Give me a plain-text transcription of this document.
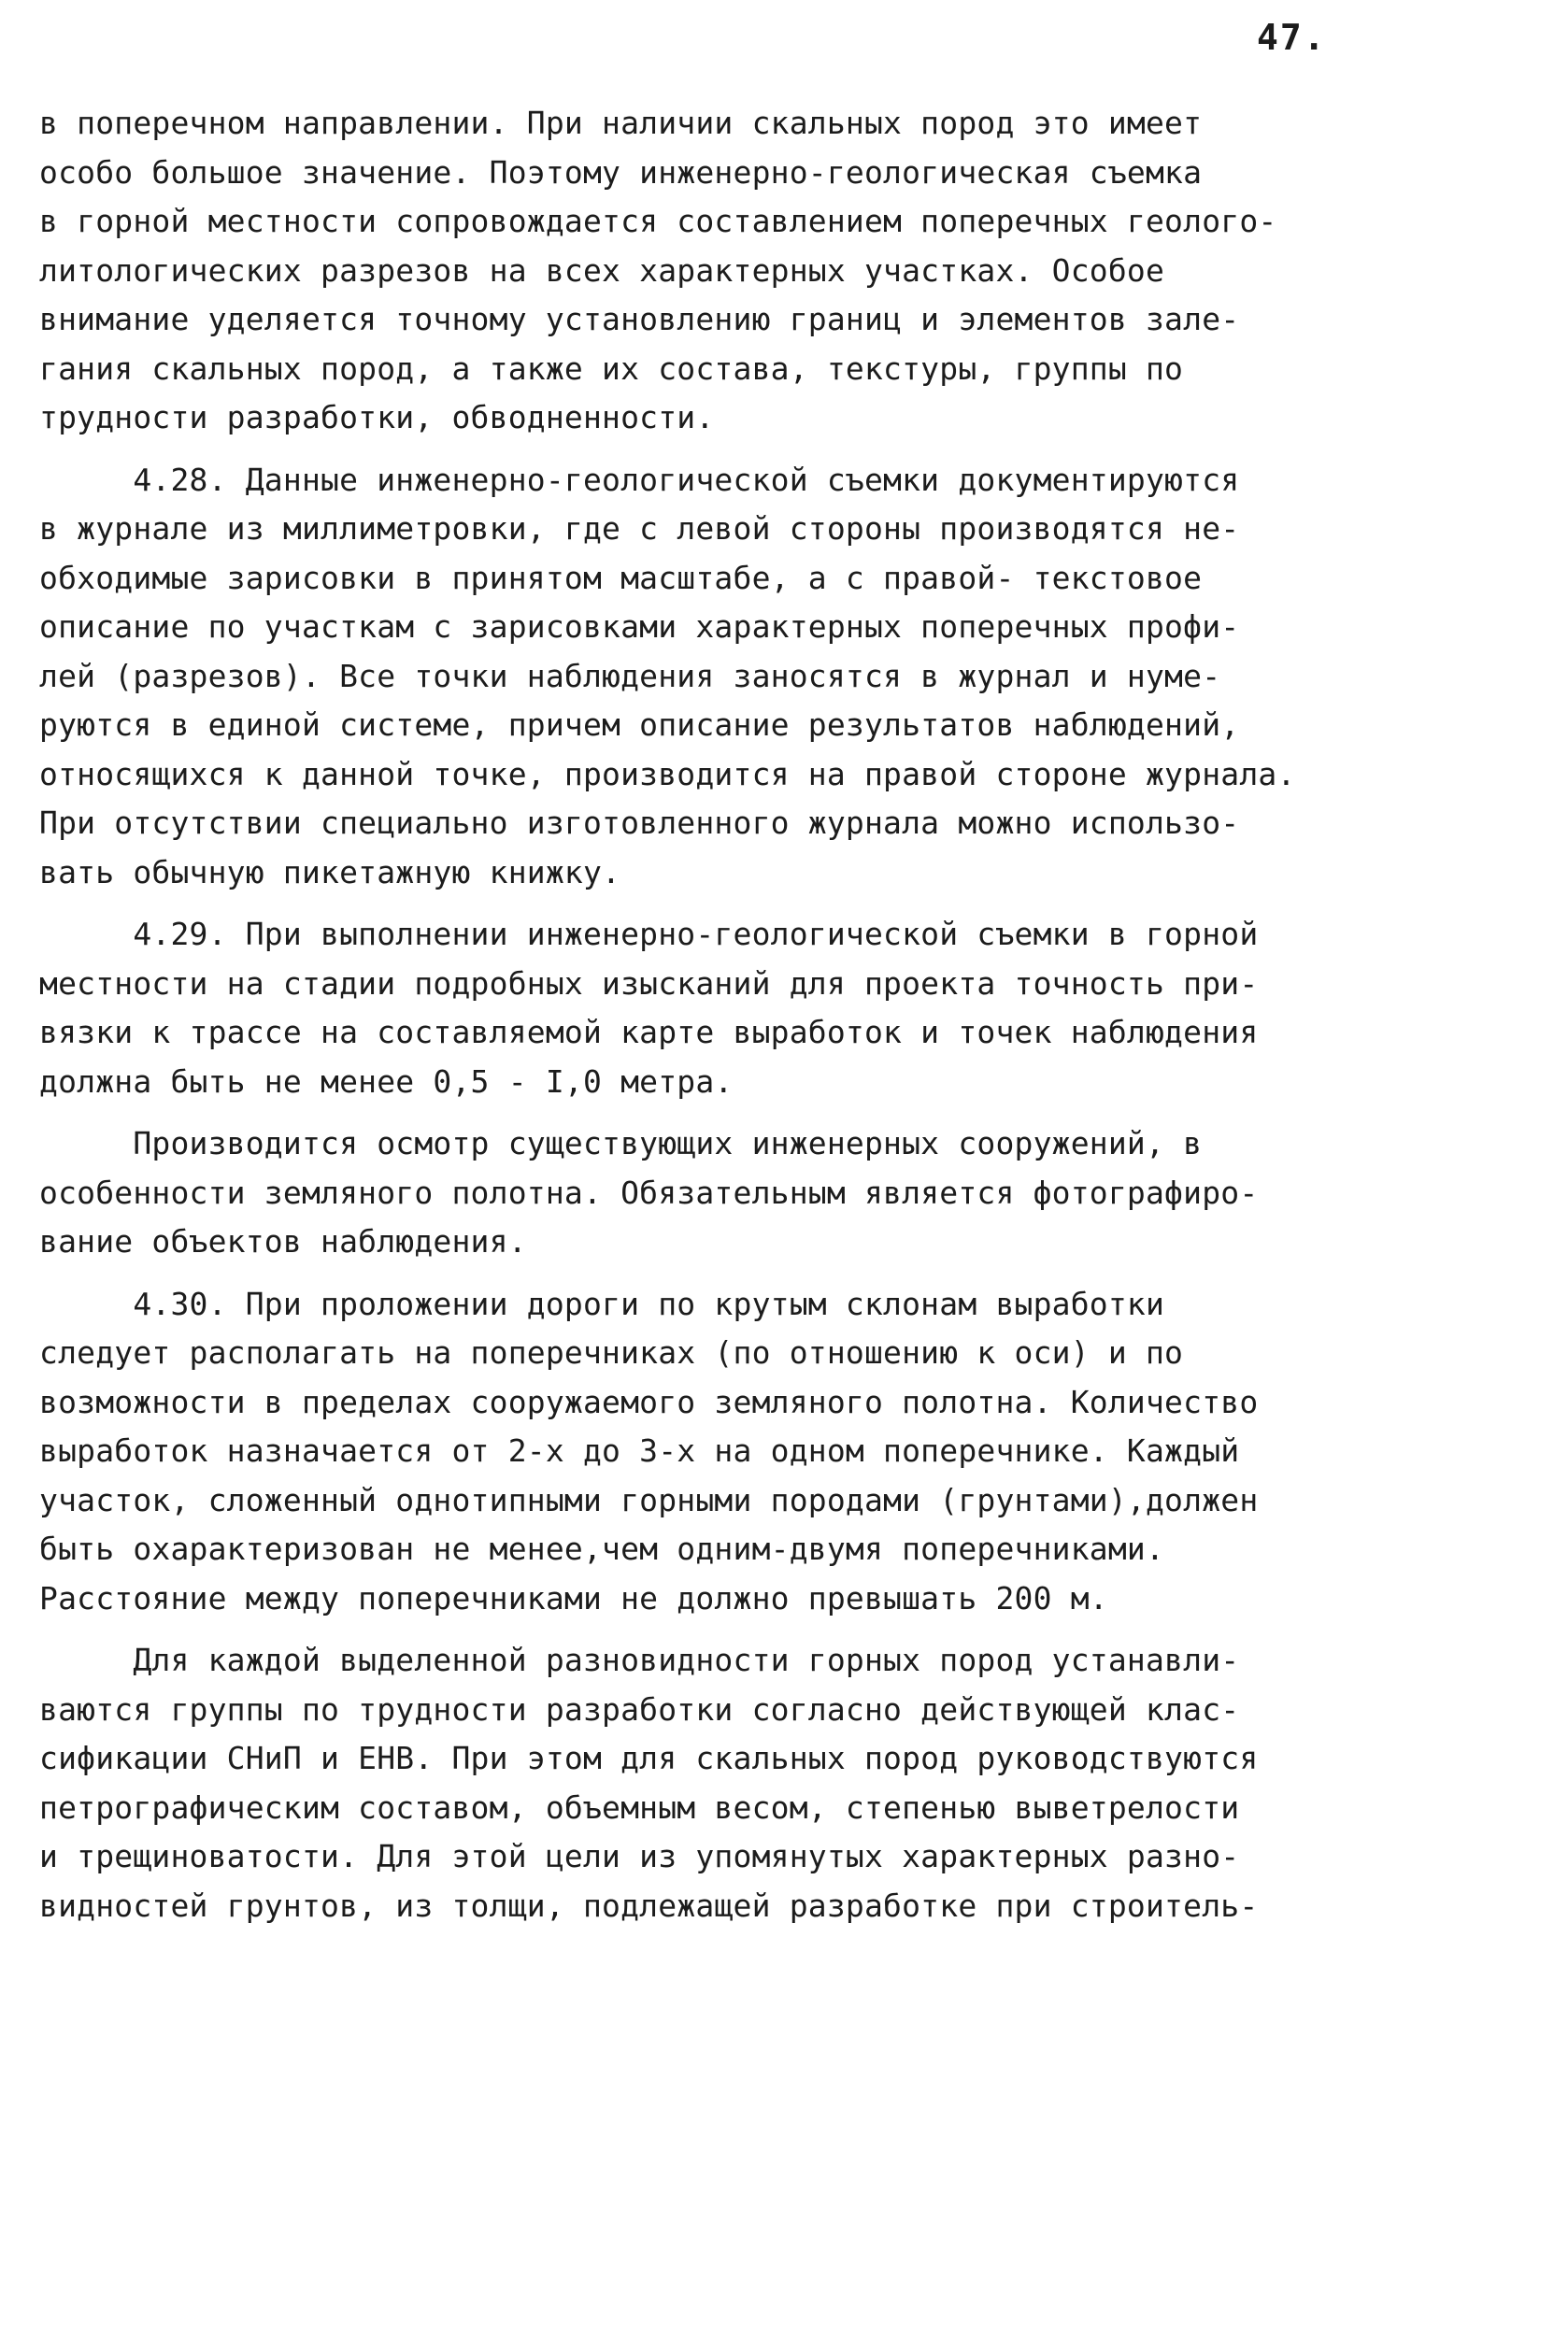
47.
в поперечном направлении. При наличии скальных пород это имеет
особо большое значение. Поэтому инженерно-геологическая съемка
в горной местности сопровождается составлением поперечных геолого-
литологических разрезов на всех характерных участках. Особое
внимание уделяется точному установлению границ и элементов зале-
гания скальных пород, а также их состава, текстуры, группы по
трудности разработки, обводненности.
4.28. Данные инженерно-геологической съемки документируются
в журнале из миллиметровки, где с левой стороны производятся не-
обходимые зарисовки в принятом масштабе, а с правой- текстовое
описание по участкам с зарисовками характерных поперечных профи-
лей (разрезов). Все точки наблюдения заносятся в журнал и нуме-
руются в единой системе, причем описание результатов наблюдений,
относящихся к данной точке, производится на правой стороне журнала.
При отсутствии специально изготовленного журнала можно использо-
вать обычную пикетажную книжку.
4.29. При выполнении инженерно-геологической съемки в горной
местности на стадии подробных изысканий для проекта точность при-
вязки к трассе на составляемой карте выработок и точек наблюдения
должна быть не менее 0,5 - I,0 метра.
Производится осмотр существующих инженерных сооружений, в
особенности земляного полотна. Обязательным является фотографиро-
вание объектов наблюдения.
4.30. При проложении дороги по крутым склонам выработки
следует располагать на поперечниках (по отношению к оси) и по
возможности в пределах сооружаемого земляного полотна. Количество
выработок назначается от 2-х до 3-х на одном поперечнике. Каждый
участок, сложенный однотипными горными породами (грунтами),должен
быть охарактеризован не менее,чем одним-двумя поперечниками.
Расстояние между поперечниками не должно превышать 200 м.
Для каждой выделенной разновидности горных пород устанавли-
ваются группы по трудности разработки согласно действующей клас-
сификации СНиП и ЕНВ. При этом для скальных пород руководствуются
петрографическим составом, объемным весом, степенью выветрелости
и трещиноватости. Для этой цели из упомянутых характерных разно-
видностей грунтов, из толщи, подлежащей разработке при строитель-
